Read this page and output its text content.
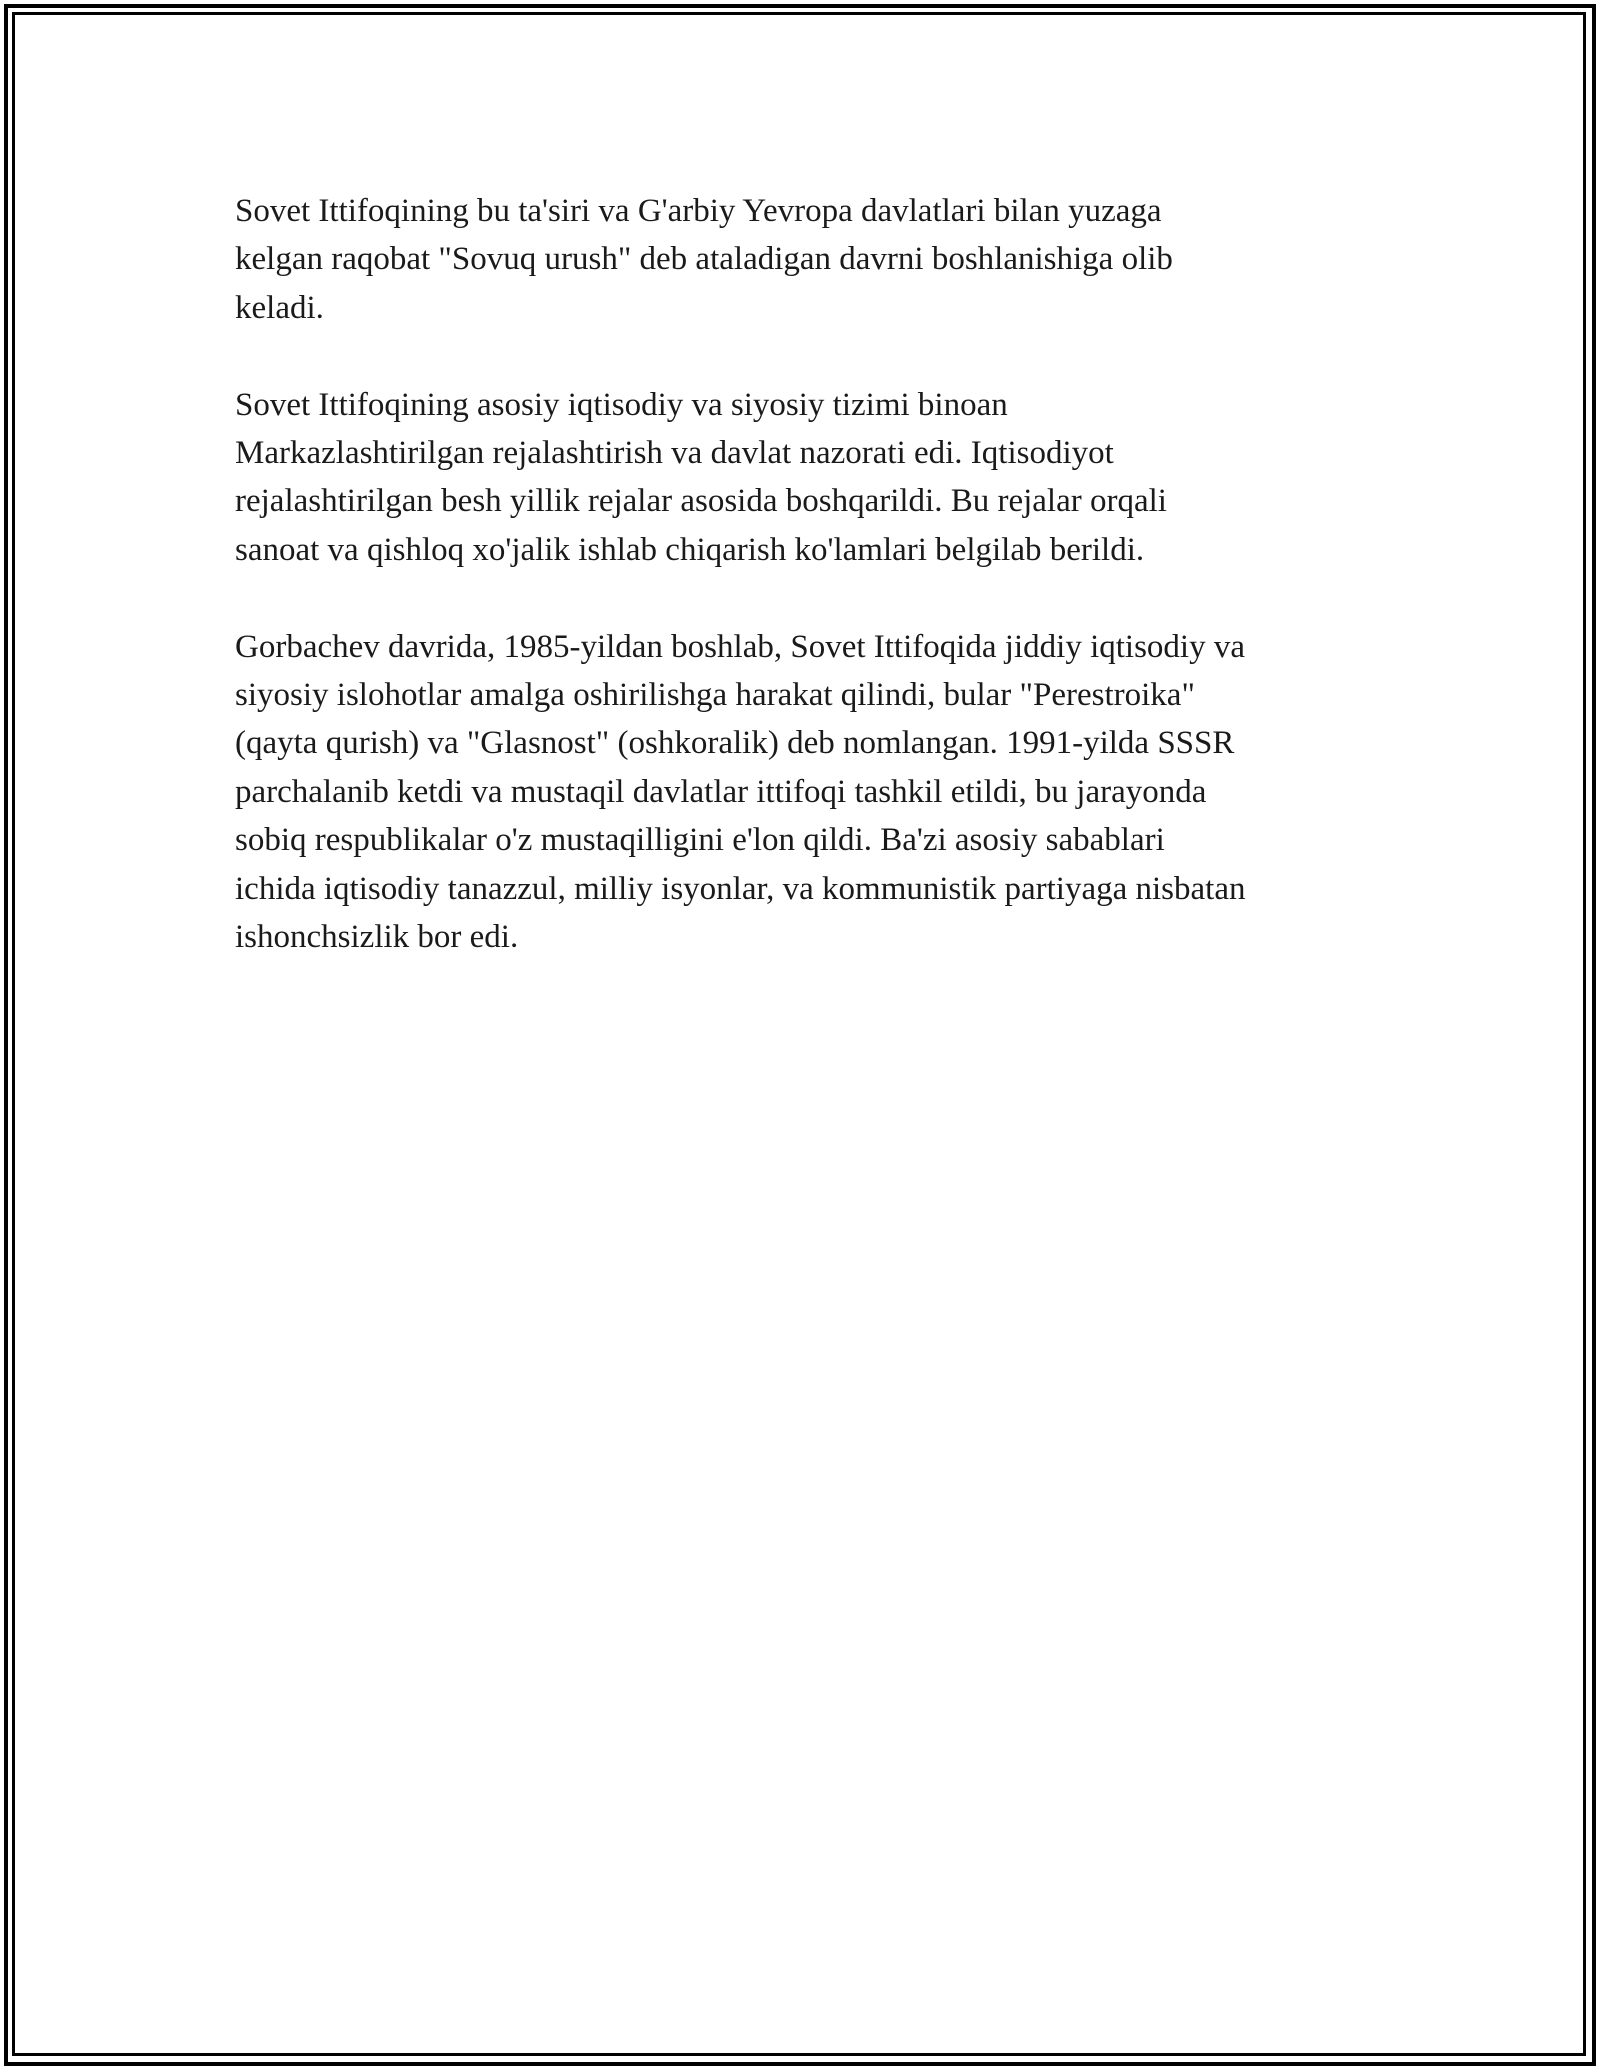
Sovet Ittifoqining bu ta'siri va G'arbiy Yevropa davlatlari bilan yuzaga
kelgan raqobat "Sovuq urush" deb ataladigan davrni boshlanishiga olib
keladi.

Sovet Ittifoqining asosiy iqtisodiy va siyosiy tizimi binoan
Markazlashtirilgan rejalashtirish va davlat nazorati edi. Iqtisodiyot
rejalashtirilgan besh yillik rejalar asosida boshqarildi. Bu rejalar orqali
sanoat va qishloq xo'jalik ishlab chiqarish ko'lamlari belgilab berildi.

Gorbachev davrida, 1985-yildan boshlab, Sovet Ittifoqida jiddiy iqtisodiy va
siyosiy islohotlar amalga oshirilishga harakat qilindi, bular "Perestroika"
(qayta qurish) va "Glasnost" (oshkoralik) deb nomlangan. 1991-yilda SSSR
parchalanib ketdi va mustaqil davlatlar ittifoqi tashkil etildi, bu jarayonda
sobiq respublikalar o'z mustaqilligini e'lon qildi. Ba'zi asosiy sabablari
ichida iqtisodiy tanazzul, milliy isyonlar, va kommunistik partiyaga nisbatan
ishonchsizlik bor edi.
